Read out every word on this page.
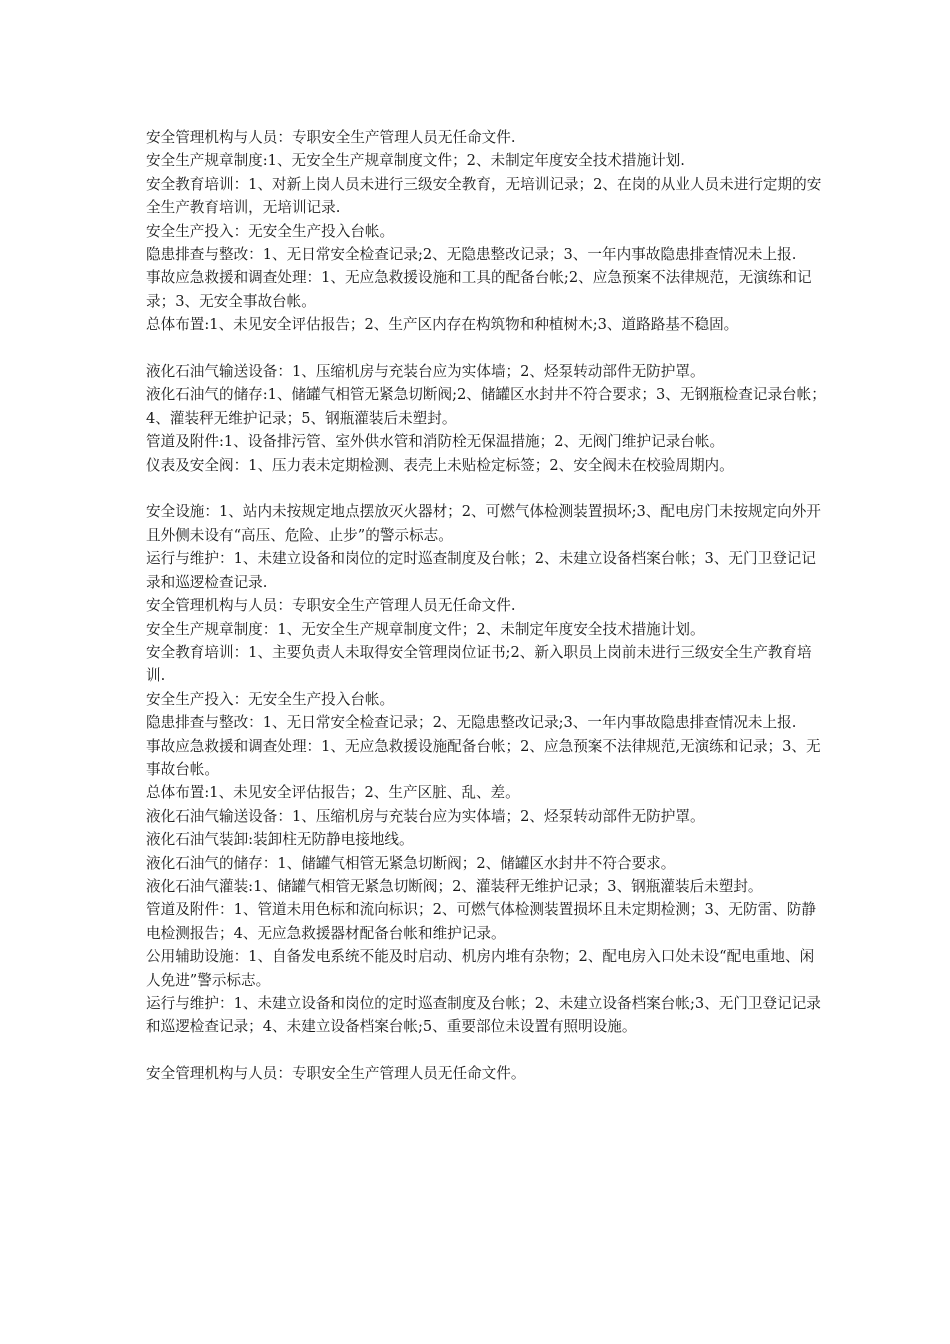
安全管理机构与人员：专职安全生产管理人员无任命文件.

安全生产规章制度:1、无安全生产规章制度文件；2、未制定年度安全技术措施计划.

安全教育培训：1、对新上岗人员未进行三级安全教育，无培训记录；2、在岗的从业人员未进行定期的安全生产教育培训，无培训记录.

安全生产投入：无安全生产投入台帐。

隐患排查与整改：1、无日常安全检查记录;2、无隐患整改记录；3、一年内事故隐患排查情况未上报.

事故应急救援和调查处理：1、无应急救援设施和工具的配备台帐;2、应急预案不法律规范，无演练和记录；3、无安全事故台帐。

总体布置:1、未见安全评估报告；2、生产区内存在构筑物和种植树木;3、道路路基不稳固。

液化石油气输送设备：1、压缩机房与充装台应为实体墙；2、烃泵转动部件无防护罩。

液化石油气的储存:1、储罐气相管无紧急切断阀;2、储罐区水封井不符合要求；3、无钢瓶检查记录台帐；4、灌装秤无维护记录；5、钢瓶灌装后未塑封。

管道及附件:1、设备排污管、室外供水管和消防栓无保温措施；2、无阀门维护记录台帐。

仪表及安全阀：1、压力表未定期检测、表壳上未贴检定标签；2、安全阀未在校验周期内。

安全设施：1、站内未按规定地点摆放灭火器材；2、可燃气体检测装置损坏;3、配电房门未按规定向外开且外侧未设有“高压、危险、止步”的警示标志。

运行与维护：1、未建立设备和岗位的定时巡查制度及台帐；2、未建立设备档案台帐；3、无门卫登记记录和巡逻检查记录.

安全管理机构与人员：专职安全生产管理人员无任命文件.

安全生产规章制度：1、无安全生产规章制度文件；2、未制定年度安全技术措施计划。

安全教育培训：1、主要负责人未取得安全管理岗位证书;2、新入职员上岗前未进行三级安全生产教育培训.

安全生产投入：无安全生产投入台帐。

隐患排查与整改：1、无日常安全检查记录；2、无隐患整改记录;3、一年内事故隐患排查情况未上报.

事故应急救援和调查处理：1、无应急救援设施配备台帐；2、应急预案不法律规范,无演练和记录；3、无事故台帐。

总体布置:1、未见安全评估报告；2、生产区脏、乱、差。

液化石油气输送设备：1、压缩机房与充装台应为实体墙；2、烃泵转动部件无防护罩。

液化石油气装卸:装卸柱无防静电接地线。

液化石油气的储存：1、储罐气相管无紧急切断阀；2、储罐区水封井不符合要求。

液化石油气灌装:1、储罐气相管无紧急切断阀；2、灌装秤无维护记录；3、钢瓶灌装后未塑封。

管道及附件：1、管道未用色标和流向标识；2、可燃气体检测装置损坏且未定期检测；3、无防雷、防静电检测报告；4、无应急救援器材配备台帐和维护记录。

公用辅助设施：1、自备发电系统不能及时启动、机房内堆有杂物；2、配电房入口处未设“配电重地、闲人免进”警示标志。

运行与维护：1、未建立设备和岗位的定时巡查制度及台帐；2、未建立设备档案台帐;3、无门卫登记记录和巡逻检查记录；4、未建立设备档案台帐;5、重要部位未设置有照明设施。

安全管理机构与人员：专职安全生产管理人员无任命文件。
